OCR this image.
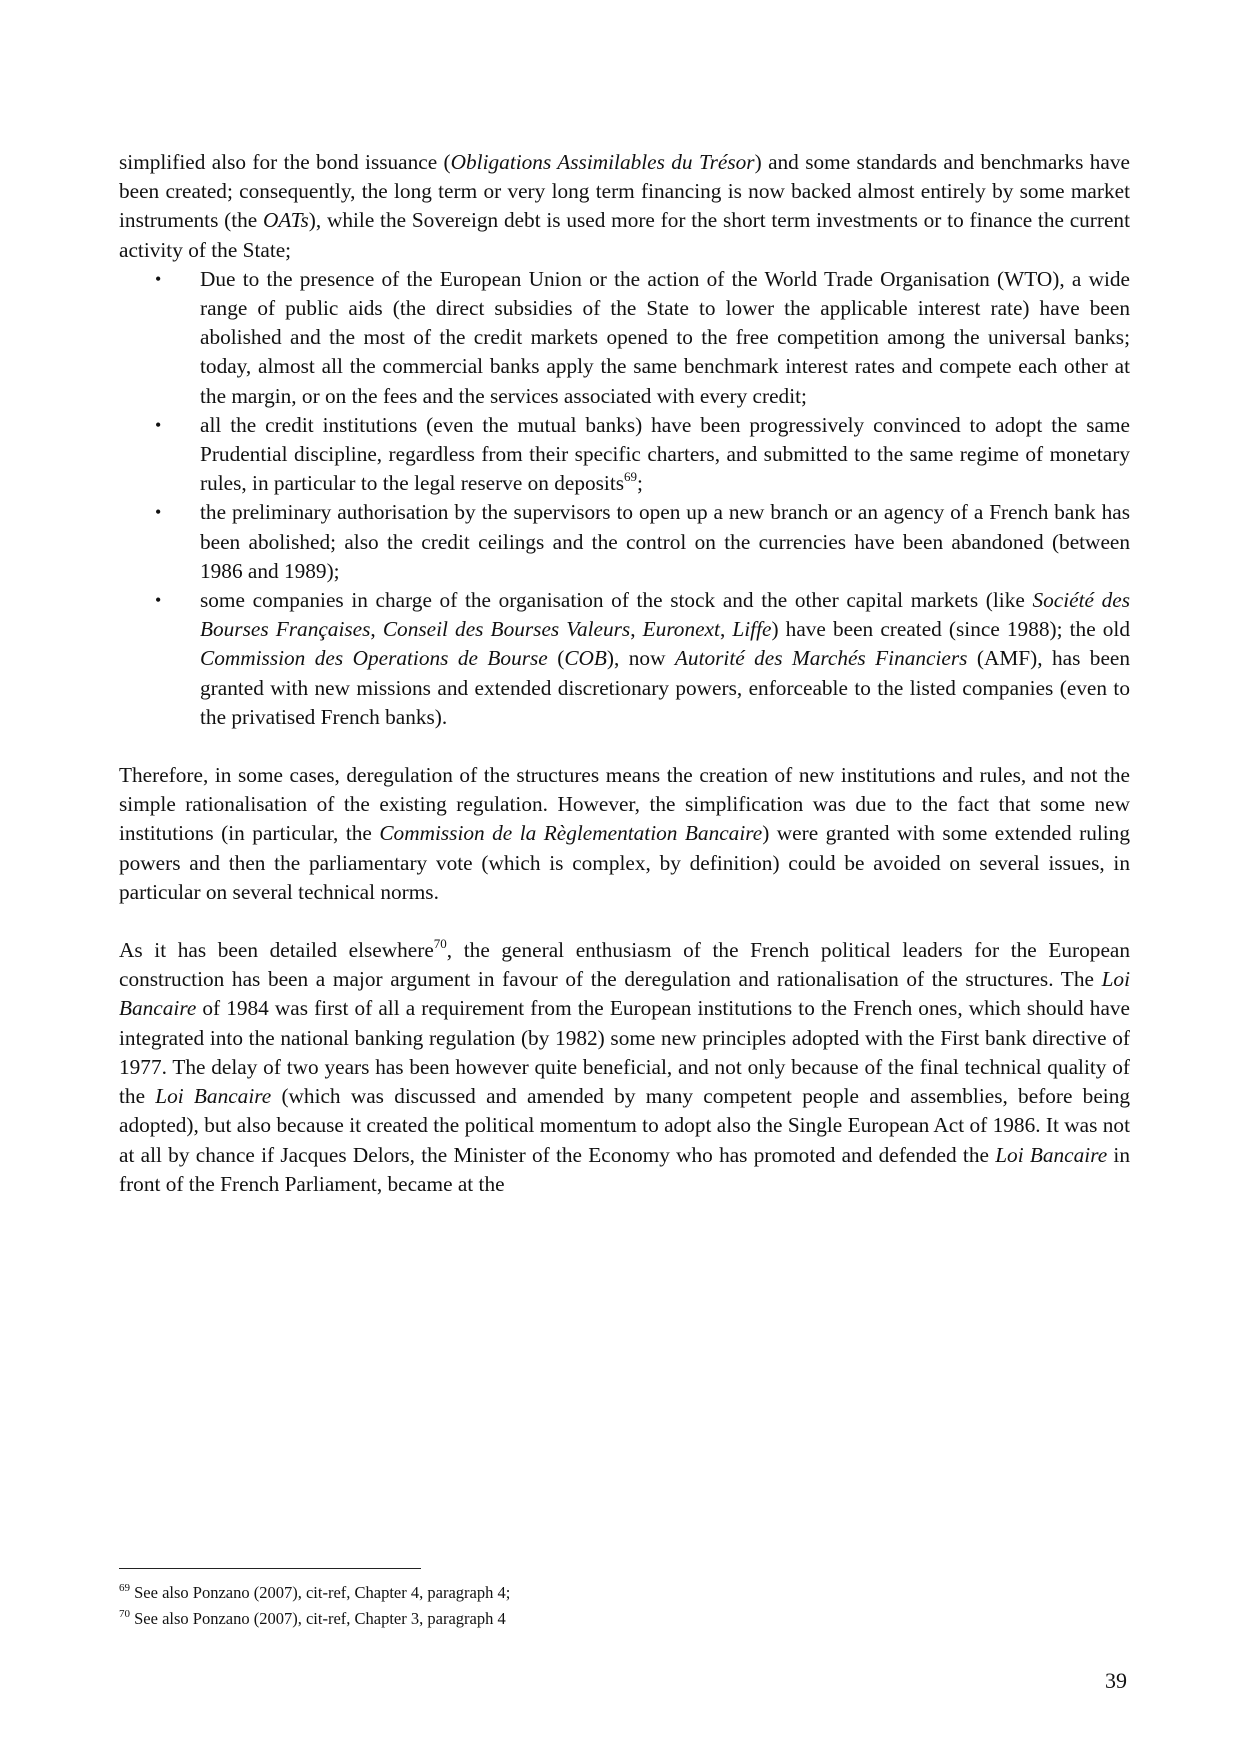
simplified also for the bond issuance (Obligations Assimilables du Trésor) and some standards and benchmarks have been created; consequently, the long term or very long term financing is now backed almost entirely by some market instruments (the OATs), while the Sovereign debt is used more for the short term investments or to finance the current activity of the State;

• Due to the presence of the European Union or the action of the World Trade Organisation (WTO), a wide range of public aids (the direct subsidies of the State to lower the applicable interest rate) have been abolished and the most of the credit markets opened to the free competition among the universal banks; today, almost all the commercial banks apply the same benchmark interest rates and compete each other at the margin, or on the fees and the services associated with every credit;
• all the credit institutions (even the mutual banks) have been progressively convinced to adopt the same Prudential discipline, regardless from their specific charters, and submitted to the same regime of monetary rules, in particular to the legal reserve on deposits$^{69}$;
• the preliminary authorisation by the supervisors to open up a new branch or an agency of a French bank has been abolished; also the credit ceilings and the control on the currencies have been abandoned (between 1986 and 1989);
• some companies in charge of the organisation of the stock and the other capital markets (like Société des Bourses Françaises, Conseil des Bourses Valeurs, Euronext, Liffe) have been created (since 1988); the old Commission des Operations de Bourse (COB), now Autorité des Marchés Financiers (AMF), has been granted with new missions and extended discretionary powers, enforceable to the listed companies (even to the privatised French banks).

Therefore, in some cases, deregulation of the structures means the creation of new institutions and rules, and not the simple rationalisation of the existing regulation. However, the simplification was due to the fact that some new institutions (in particular, the Commission de la Règlementation Bancaire) were granted with some extended ruling powers and then the parliamentary vote (which is complex, by definition) could be avoided on several issues, in particular on several technical norms.

As it has been detailed elsewhere$^{70}$, the general enthusiasm of the French political leaders for the European construction has been a major argument in favour of the deregulation and rationalisation of the structures. The Loi Bancaire of 1984 was first of all a requirement from the European institutions to the French ones, which should have integrated into the national banking regulation (by 1982) some new principles adopted with the First bank directive of 1977. The delay of two years has been however quite beneficial, and not only because of the final technical quality of the Loi Bancaire (which was discussed and amended by many competent people and assemblies, before being adopted), but also because it created the political momentum to adopt also the Single European Act of 1986. It was not at all by chance if Jacques Delors, the Minister of the Economy who has promoted and defended the Loi Bancaire in front of the French Parliament, became at the

$^{69}$ See also Ponzano (2007), cit-ref, Chapter 4, paragraph 4;
$^{70}$ See also Ponzano (2007), cit-ref, Chapter 3, paragraph 4
39
